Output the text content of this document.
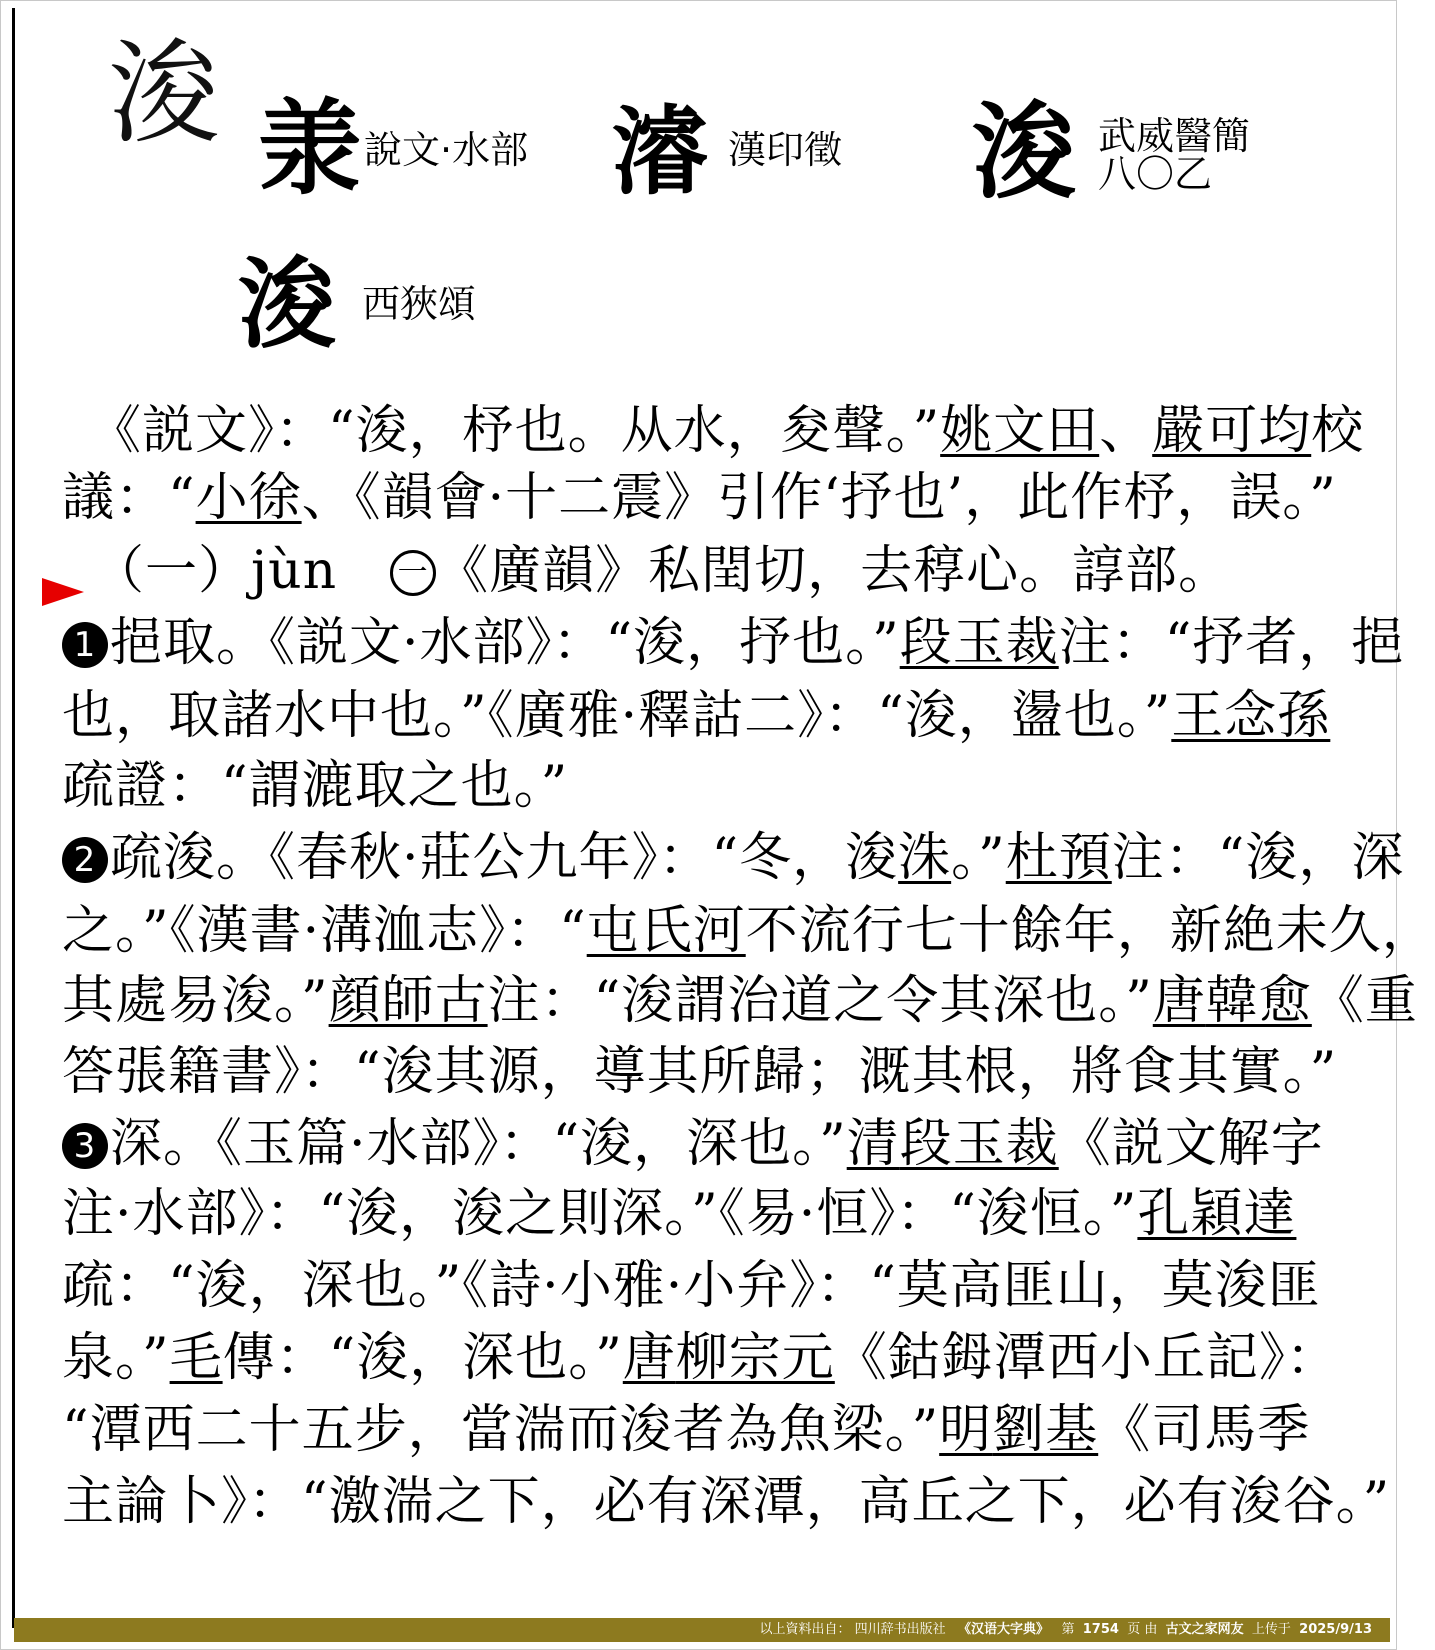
浚 𣴎 說文·水部 濬 漢印徵 浚 武威醫簡
八〇乙
浚 西狹頌
　《説文》：“浚，杼也。从水，夋聲。”姚文田、嚴可均校
議：“小徐、《韻會·十二震》引作‘抒也’，此作杼，誤。”
（一）jùn　一 《廣韻》私閏切，去稕心。諄部。
1 挹取。《説文·水部》：“浚，抒也。”段玉裁注：“抒者，挹
也，取諸水中也。”《廣雅·釋詁二》：“浚，盪也。”王念孫
疏證：“謂漉取之也。”
2 疏浚。《春秋·莊公九年》：“冬，浚洙。”杜預注：“浚，深
之。”《漢書·溝洫志》：“屯氏河不流行七十餘年，新絶未久，
其處易浚。”顔師古注：“浚謂治道之令其深也。”唐韓愈《重
答張籍書》：“浚其源，導其所歸；溉其根，將食其實。”
3 深。《玉篇·水部》：“浚，深也。”清段玉裁《説文解字
注·水部》：“浚，浚之則深。”《易·恒》：“浚恒。”孔穎達
疏：“浚，深也。”《詩·小雅·小弁》：“莫高匪山，莫浚匪
泉。”毛傳：“浚，深也。”唐柳宗元《鈷鉧潭西小丘記》：
“潭西二十五步，當湍而浚者為魚梁。”明劉基《司馬季
主論卜》：“激湍之下，必有深潭，高丘之下，必有浚谷。”
以上資料出自： 四川辞书出版社 《汉语大字典》 第 1754 页 由 古文之家网友 上传于 2025/9/13
